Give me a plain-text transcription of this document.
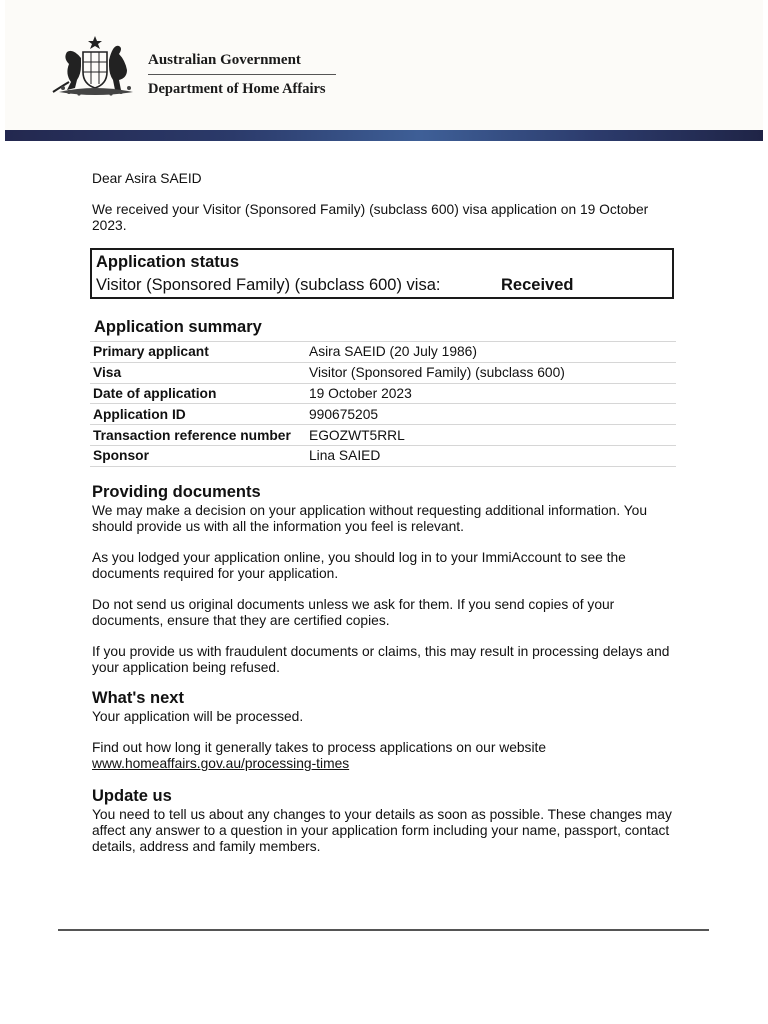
Australian Government
Department of Home Affairs
Dear Asira SAEID
We received your Visitor (Sponsored Family) (subclass 600) visa application on 19 October 2023.
Application status
Visitor (Sponsored Family) (subclass 600) visa:	Received
Application summary
Primary applicant	Asira SAEID (20 July 1986)
Visa	Visitor (Sponsored Family) (subclass 600)
Date of application	19 October 2023
Application ID	990675205
Transaction reference number	EGOZWT5RRL
Sponsor	Lina SAIED
Providing documents

We may make a decision on your application without requesting additional information. You should provide us with all the information you feel is relevant.

As you lodged your application online, you should log in to your ImmiAccount to see the documents required for your application.

Do not send us original documents unless we ask for them. If you send copies of your documents, ensure that they are certified copies.

If you provide us with fraudulent documents or claims, this may result in processing delays and your application being refused.

What's next

Your application will be processed.

Find out how long it generally takes to process applications on our website
www.homeaffairs.gov.au/processing-times

Update us

You need to tell us about any changes to your details as soon as possible. These changes may affect any answer to a question in your application form including your name, passport, contact details, address and family members.
